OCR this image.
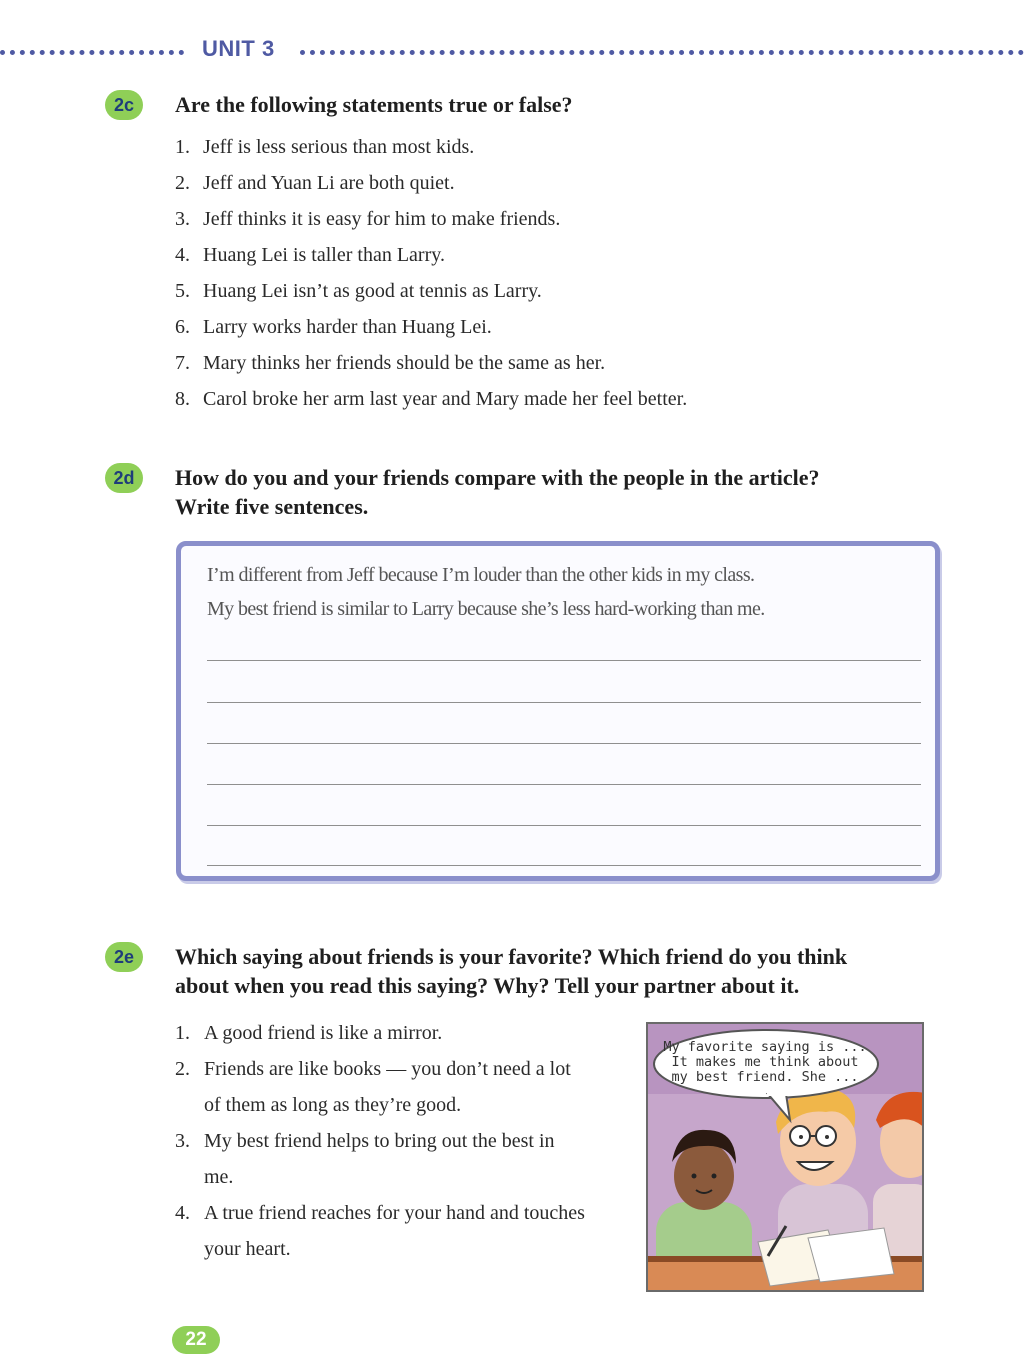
UNIT 3
2c	Are the following statements true or false?
1. Jeff is less serious than most kids.
2. Jeff and Yuan Li are both quiet.
3. Jeff thinks it is easy for him to make friends.
4. Huang Lei is taller than Larry.
5. Huang Lei isn’t as good at tennis as Larry.
6. Larry works harder than Huang Lei.
7. Mary thinks her friends should be the same as her.
8. Carol broke her arm last year and Mary made her feel better.
2d	How do you and your friends compare with the people in the article?
Write five sentences.
I’m different from Jeff because I’m louder than the other kids in my class.
My best friend is similar to Larry because she’s less hard-working than me.
2e	Which saying about friends is your favorite? Which friend do you think
about when you read this saying? Why? Tell your partner about it.
1. A good friend is like a mirror.
2. Friends are like books — you don’t need a lot of them as long as they’re good.
3. My best friend helps to bring out the best in me.
4. A true friend reaches for your hand and touches your heart.
My favorite saying is ...
It makes me think about
my best friend. She ...
22
